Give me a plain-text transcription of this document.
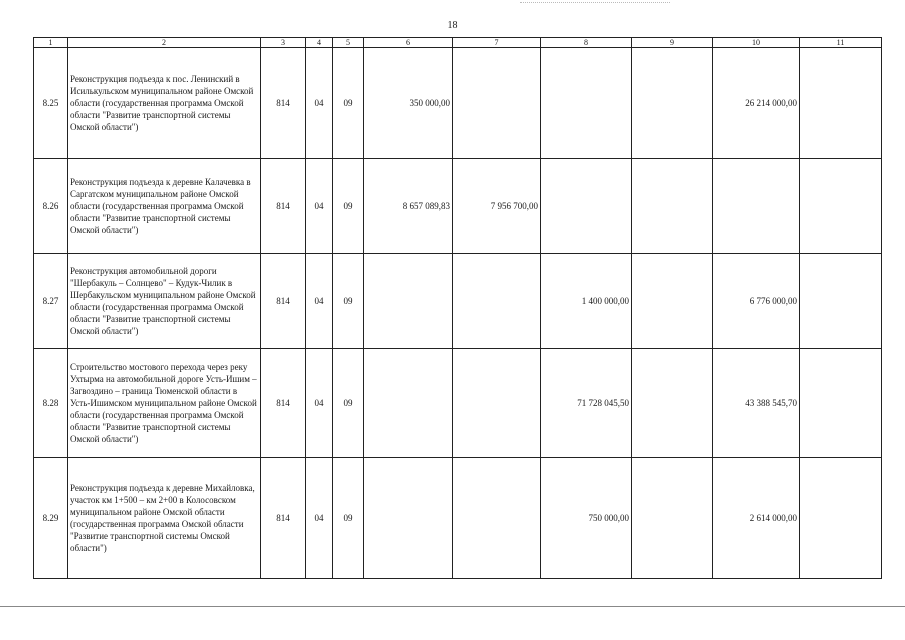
18
1	2	3	4	5	6	7	8	9	10	11
8.25	Реконструкция подъезда к пос. Ленинский в Исилькульском муниципальном районе Омской области (государственная программа Омской области "Развитие транспортной системы Омской области")	814	04	09	350 000,00				26 214 000,00	
8.26	Реконструкция подъезда к деревне Калачевка в Саргатском муниципальном районе Омской области (государственная программа Омской области "Развитие транспортной системы Омской области")	814	04	09	8 657 089,83	7 956 700,00				
8.27	Реконструкция автомобильной дороги "Шербакуль – Солнцево" – Кудук-Чилик в Шербакульском муниципальном районе Омской области (государственная программа Омской области "Развитие транспортной системы Омской области")	814	04	09			1 400 000,00		6 776 000,00	
8.28	Строительство мостового перехода через реку Ухтырма на автомобильной дороге Усть-Ишим – Загвоздино – граница Тюменской области в Усть-Ишимском муниципальном районе Омской области (государственная программа Омской области "Развитие транспортной системы Омской области")	814	04	09			71 728 045,50		43 388 545,70	
8.29	Реконструкция подъезда к деревне Михайловка, участок км 1+500 – км 2+00 в Колосовском муниципальном районе Омской области (государственная программа Омской области "Развитие транспортной системы Омской области")	814	04	09			750 000,00		2 614 000,00	
